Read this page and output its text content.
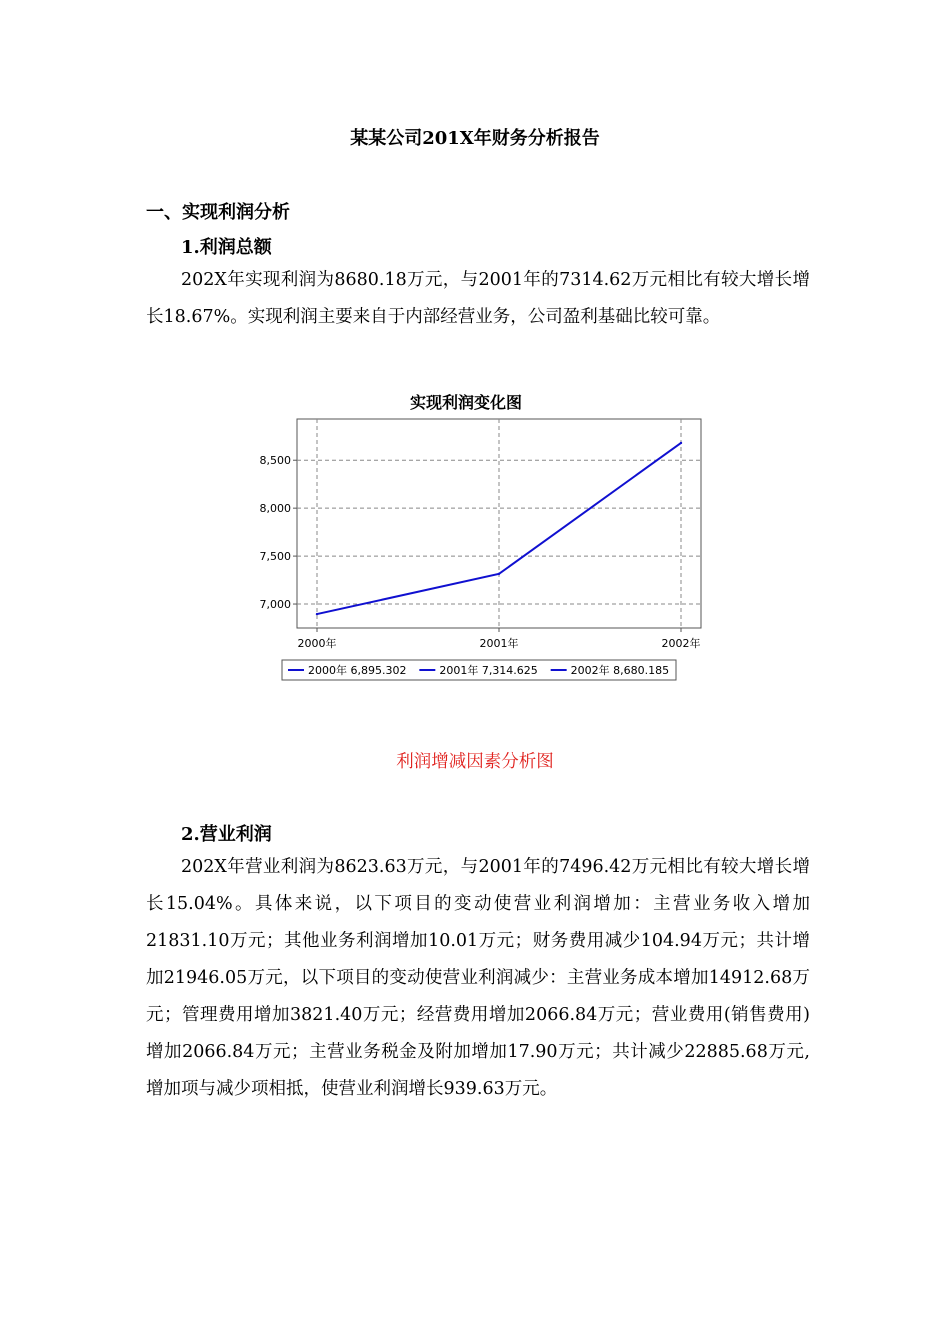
某某公司201X年财务分析报告
一、实现利润分析
1.利润总额

202X年实现利润为8680.18万元，与2001年的7314.62万元相比有较大增长增长18.67%。实现利润主要来自于内部经营业务，公司盈利基础比较可靠。

实现利润变化图
7,000
7,500
8,000
8,500
2000年	2001年	2002年
2000年 6,895.302	2001年 7,314.625	2002年 8,680.185

利润增减因素分析图

2.营业利润

202X年营业利润为8623.63万元，与2001年的7496.42万元相比有较大增长增长15.04%。具体来说，以下项目的变动使营业利润增加：主营业务收入增加21831.10万元；其他业务利润增加10.01万元；财务费用减少104.94万元；共计增加21946.05万元，以下项目的变动使营业利润减少：主营业务成本增加14912.68万元；管理费用增加3821.40万元；经营费用增加2066.84万元；营业费用(销售费用)增加2066.84万元；主营业务税金及附加增加17.90万元；共计减少22885.68万元,增加项与减少项相抵，使营业利润增长939.63万元。
